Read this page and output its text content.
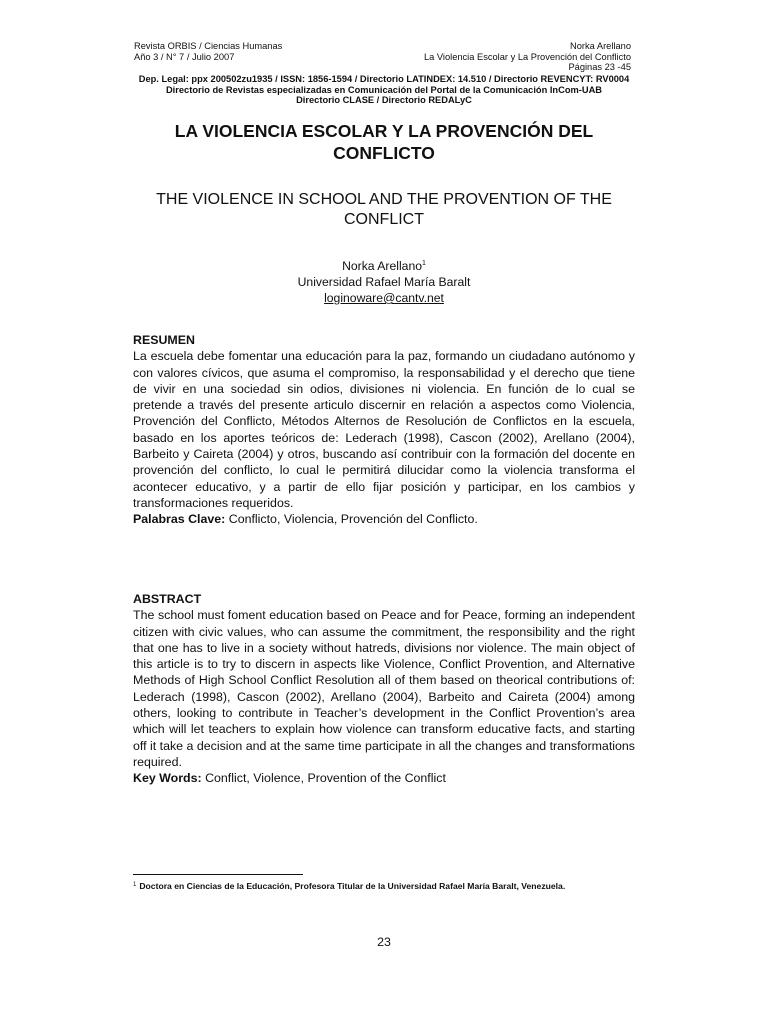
Revista ORBIS / Ciencias Humanas
Año 3 / N° 7 / Julio 2007
Norka Arellano
La Violencia Escolar y La Provención del Conflicto
Páginas 23 -45
Dep. Legal: ppx 200502zu1935 / ISSN: 1856-1594 / Directorio LATINDEX: 14.510 / Directorio REVENCYT: RV0004
Directorio de Revistas especializadas en Comunicación del Portal de la Comunicación InCom-UAB
Directorio CLASE / Directorio REDALyC
LA VIOLENCIA ESCOLAR Y LA PROVENCIÓN DEL
CONFLICTO
THE VIOLENCE IN SCHOOL AND THE PROVENTION OF THE
CONFLICT
Norka Arellano$^1$
Universidad Rafael María Baralt
loginoware@cantv.net
RESUMEN
La escuela debe fomentar una educación para la paz, formando un ciudadano autónomo y con valores cívicos, que asuma el compromiso, la responsabilidad y el derecho que tiene de vivir en una sociedad sin odios, divisiones ni violencia. En función de lo cual se pretende a través del presente articulo discernir en relación a aspectos como Violencia, Provención del Conflicto, Métodos Alternos de Resolución de Conflictos en la escuela, basado en los aportes teóricos de: Lederach (1998), Cascon (2002), Arellano (2004), Barbeito y Caireta (2004) y otros, buscando así contribuir con la formación del docente en provención del conflicto, lo cual le permitirá dilucidar como la violencia transforma el acontecer educativo, y a partir de ello fijar posición y participar, en los cambios y transformaciones requeridos.
Palabras Clave: Conflicto, Violencia, Provención del Conflicto.
ABSTRACT
The school must foment education based on Peace and for Peace, forming an independent citizen with civic values, who can assume the commitment, the responsibility and the right that one has to live in a society without hatreds, divisions nor violence. The main object of this article is to try to discern in aspects like Violence, Conflict Provention, and Alternative Methods of High School Conflict Resolution all of them based on theorical contributions of: Lederach (1998), Cascon (2002), Arellano (2004), Barbeito and Caireta (2004) among others, looking to contribute in Teacher’s development in the Conflict Provention’s area which will let teachers to explain how violence can transform educative facts, and starting off it take a decision and at the same time participate in all the changes and transformations required.
Key Words: Conflict, Violence, Provention of the Conflict
$^1$ Doctora en Ciencias de la Educación, Profesora Titular de la Universidad Rafael María Baralt, Venezuela.
23
